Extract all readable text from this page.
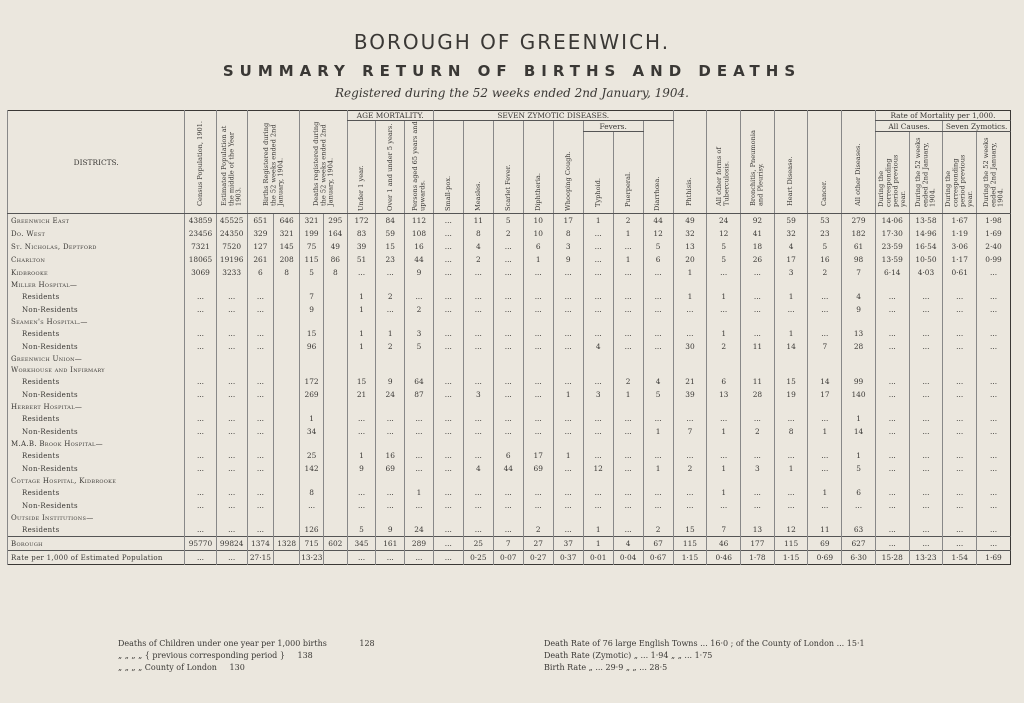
BOROUGH OF GREENWICH.
SUMMARY RETURN OF BIRTHS AND DEATHS
Registered during the 52 weeks ended 2nd January, 1904.
DISTRICTS.	Census Population, 1901.	Estimated Population at the middle of the Year 1903.	Births Registered during the 52 weeks ended 2nd January, 1904.		Deaths registered during the 52 weeks ended 2nd January, 1904.		AGE MORTALITY.			SEVEN ZYMOTIC DISEASES.								Phthisis.	All other forms of Tuberculosis.	Bronchitis, Pneumonia and Pleurisy.	Heart Disease.	Cancer.	All other Diseases.	Rate of Mortality per 1,000.			
							Under 1 year.	Over 1 and under 5 years.	Persons aged 65 years and upwards.	Small-pox.	Measles.	Scarlet Fever.	Diphtheria.	Whooping Cough.	Fevers.		Diarrhœa.							All Causes.		Seven Zymotics.	
															Typhoid.	Puerperal.								During the corresponding period previous year.	During the 52 weeks ended 2nd January, 1904.	During the corresponding period previous year.	During the 52 weeks ended 2nd January, 1904.
Greenwich East	43859	45525	651	646	321	295	172	84	112	...	11	5	10	17	1	2	44	49	24	92	59	53	279	14·06	13·58	1·67	1·98
Do. West	23456	24350	329	321	199	164	83	59	108	...	8	2	10	8	...	1	12	32	12	41	32	23	182	17·30	14·96	1·19	1·69
St. Nicholas, Deptford	7321	7520	127	145	75	49	39	15	16	...	4	...	6	3	...	...	5	13	5	18	4	5	61	23·59	16·54	3·06	2·40
Charlton	18065	19196	261	208	115	86	51	23	44	...	2	...	1	9	...	1	6	20	5	26	17	16	98	13·59	10·50	1·17	0·99
Kidbrooke	3069	3233	6	8	5	8	...	...	9	...	...	...	...	...	...	...	...	1	...	...	3	2	7	6·14	4·03	0·61	...
Miller Hospital—																											
Residents	...	...	...		7		1	2	...	...	...	...	...	...	...	...	...	1	1	...	1	...	4	...	...	...	...
Non-Residents	...	...	...		9		1	...	2	...	...	...	...	...	...	...	...	...	...	...	...	...	9	...	...	...	...
Seamen's Hospital.—																											
Residents	...	...	...		15		1	1	3	...	...	...	...	...	...	...	...	...	1	...	1	...	13	...	...	...	...
Non-Residents	...	...	...		96		1	2	5	...	...	...	...	...	4	...	...	30	2	11	14	7	28	...	...	...	...
Greenwich Union—																											
Workhouse and Infirmary																											
Residents	...	...	...		172		15	9	64	...	...	...	...	...	...	2	4	21	6	11	15	14	99	...	...	...	...
Non-Residents	...	...	...		269		21	24	87	...	3	...	...	1	3	1	5	39	13	28	19	17	140	...	...	...	...
Herbert Hospital—																											
Residents	...	...	...		1		...	...	...	...	...	...	...	...	...	...	...	...	...	...	...	...	1	...	...	...	...
Non-Residents	...	...	...		34		...	...	...	...	...	...	...	...	...	...	1	7	1	2	8	1	14	...	...	...	...
M.A.B. Brook Hospital—																											
Residents	...	...	...		25		1	16	...	...	...	6	17	1	...	...	...	...	...	...	...	...	1	...	...	...	...
Non-Residents	...	...	...		142		9	69	...	...	4	44	69	...	12	...	1	2	1	3	1	...	5	...	...	...	...
Cottage Hospital, Kidbrooke																											
Residents	...	...	...		8		...	...	1	...	...	...	...	...	...	...	...	...	1	...	...	1	6	...	...	...	...
Non-Residents	...	...	...		...		...	...	...	...	...	...	...	...	...	...	...	...	...	...	...	...	...	...	...	...	...
Outside Institutions—																											
Residents	...	...	...		126		5	9	24	...	...	...	2	...	1	...	2	15	7	13	12	11	63	...	...	...	...
Borough	95770	99824	1374	1328	715	602	345	161	289	...	25	7	27	37	1	4	67	115	46	177	115	69	627	...	...	...	...
Rate per 1,000 of Estimated Population	...	...	27·15		13·23		...	...	...	...	0·25	0·07	0·27	0·37	0·01	0·04	0·67	1·15	0·46	1·78	1·15	0·69	6·30	15·28	13·23	1·54	1·69
Deaths of Children under one year per 1,000 births	128
„ „ „ „ { previous corresponding period } 138
„ „ „ „ County of London 130
Death Rate of 76 large English Towns ... 16·0 ; of the County of London ... 15·1
Death Rate (Zymotic) „ ... 1·94 „ „ ... 1·75
Birth Rate „ ... 29·9 „ „ ... 28·5
